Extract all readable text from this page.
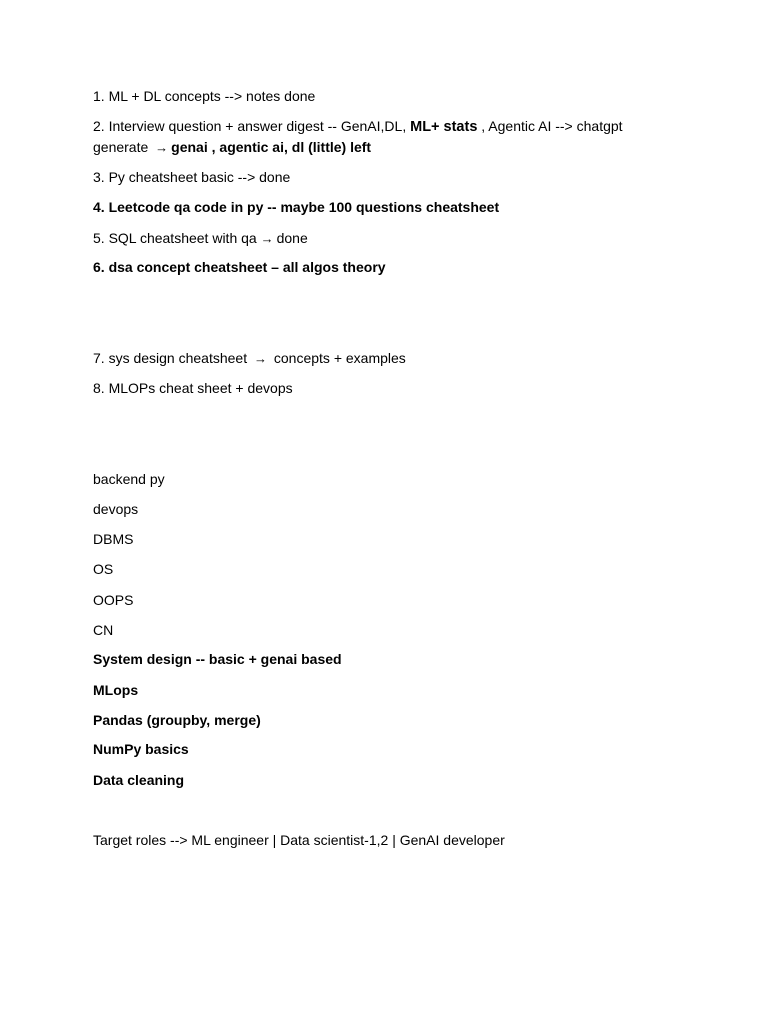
1. ML + DL concepts --> notes done

2. Interview question + answer digest -- GenAI,DL, ML+ stats , Agentic AI --> chatgpt

generate → genai , agentic ai, dl (little) left

3. Py cheatsheet basic --> done

4. Leetcode qa code in py -- maybe 100 questions cheatsheet

5. SQL cheatsheet with qa → done

6. dsa concept cheatsheet – all algos theory

7. sys design cheatsheet → concepts + examples

8. MLOPs cheat sheet + devops

backend py

devops

DBMS

OS

OOPS

CN

System design -- basic + genai based

MLops

Pandas (groupby, merge)

NumPy basics

Data cleaning

Target roles --> ML engineer | Data scientist-1,2 | GenAI developer
